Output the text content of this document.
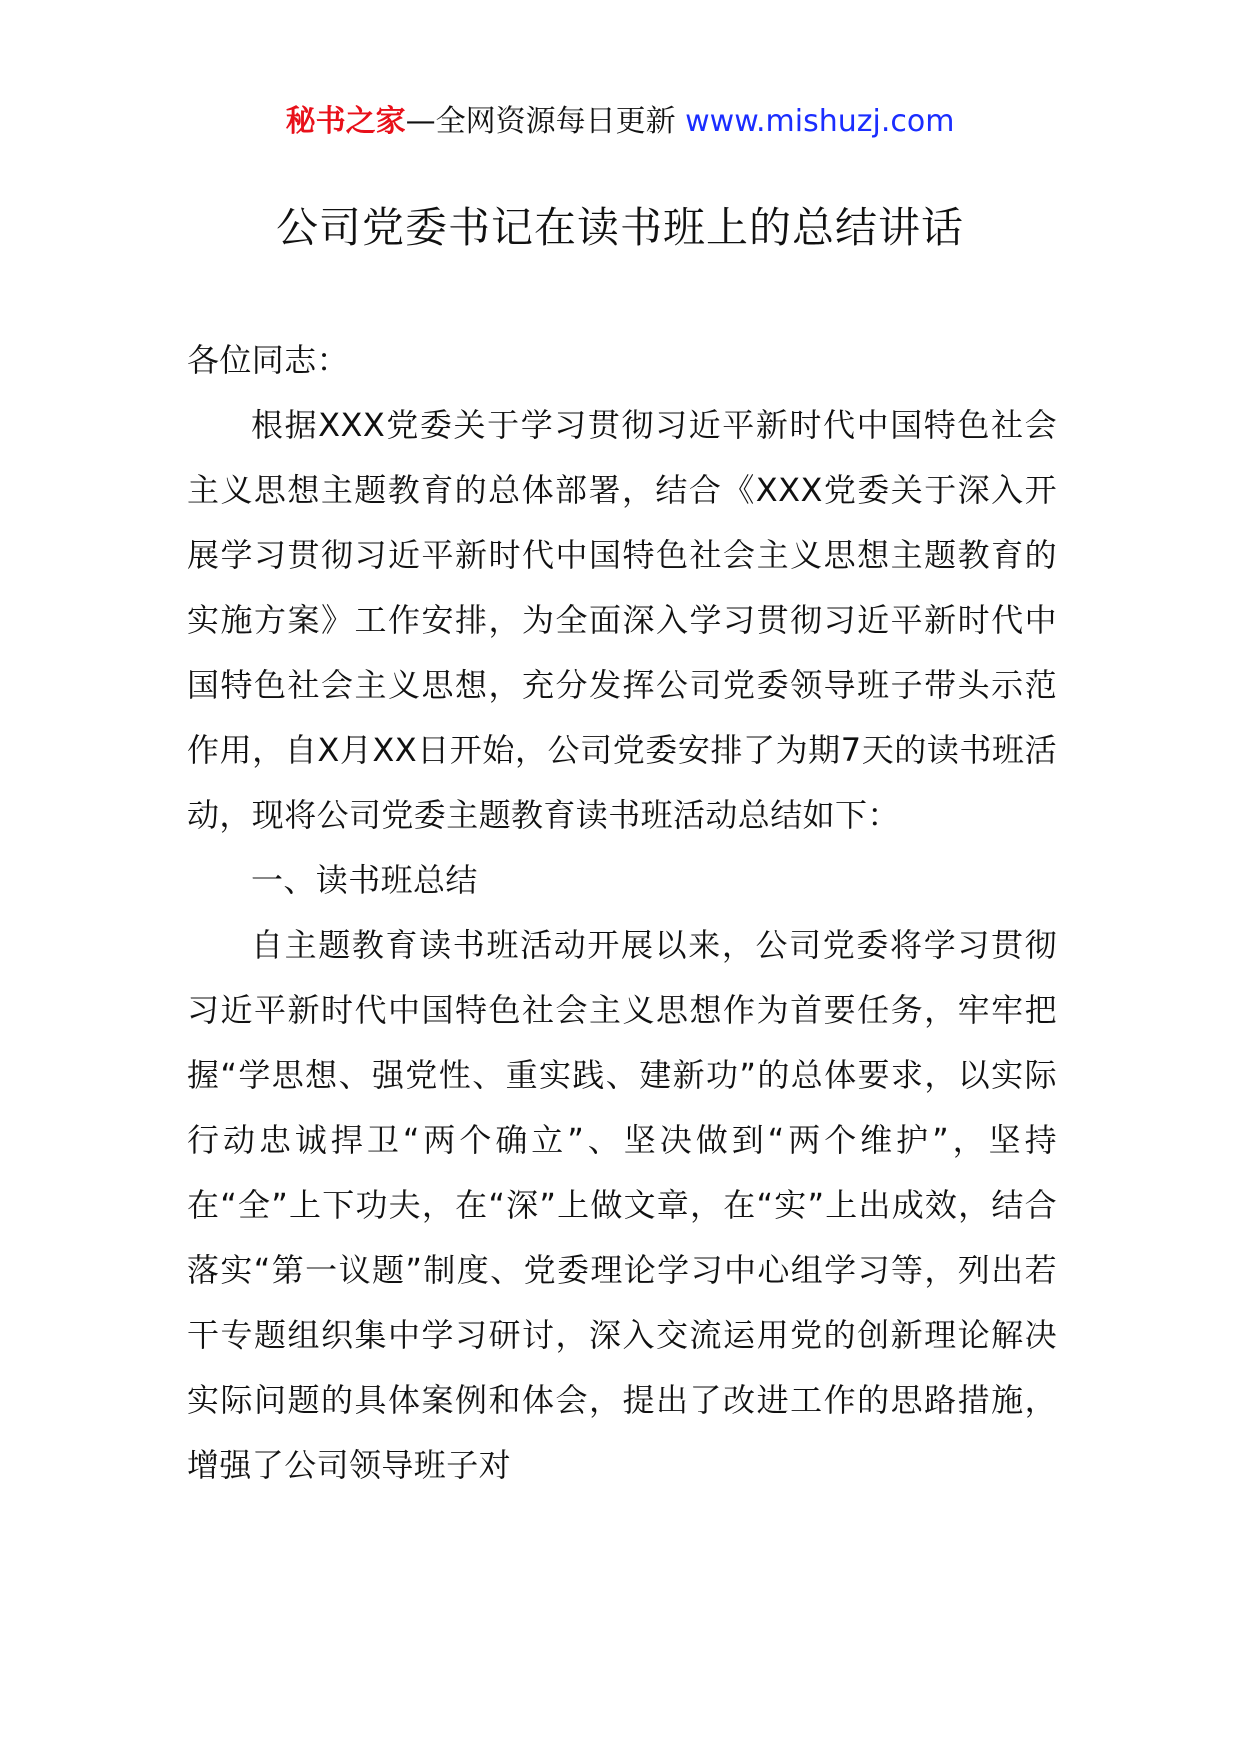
秘书之家—全网资源每日更新 www.mishuzj.com
公司党委书记在读书班上的总结讲话

各位同志：

根据XXX党委关于学习贯彻习近平新时代中国特色社会主义思想主题教育的总体部署，结合《XXX党委关于深入开展学习贯彻习近平新时代中国特色社会主义思想主题教育的实施方案》工作安排，为全面深入学习贯彻习近平新时代中国特色社会主义思想，充分发挥公司党委领导班子带头示范作用，自X月XX日开始，公司党委安排了为期7天的读书班活动，现将公司党委主题教育读书班活动总结如下：

一、读书班总结

自主题教育读书班活动开展以来，公司党委将学习贯彻习近平新时代中国特色社会主义思想作为首要任务，牢牢把握“学思想、强党性、重实践、建新功”的总体要求，以实际行动忠诚捍卫“两个确立”、坚决做到“两个维护”，坚持在“全”上下功夫，在“深”上做文章，在“实”上出成效，结合落实“第一议题”制度、党委理论学习中心组学习等，列出若干专题组织集中学习研讨，深入交流运用党的创新理论解决实际问题的具体案例和体会，提出了改进工作的思路措施，增强了公司领导班子对
